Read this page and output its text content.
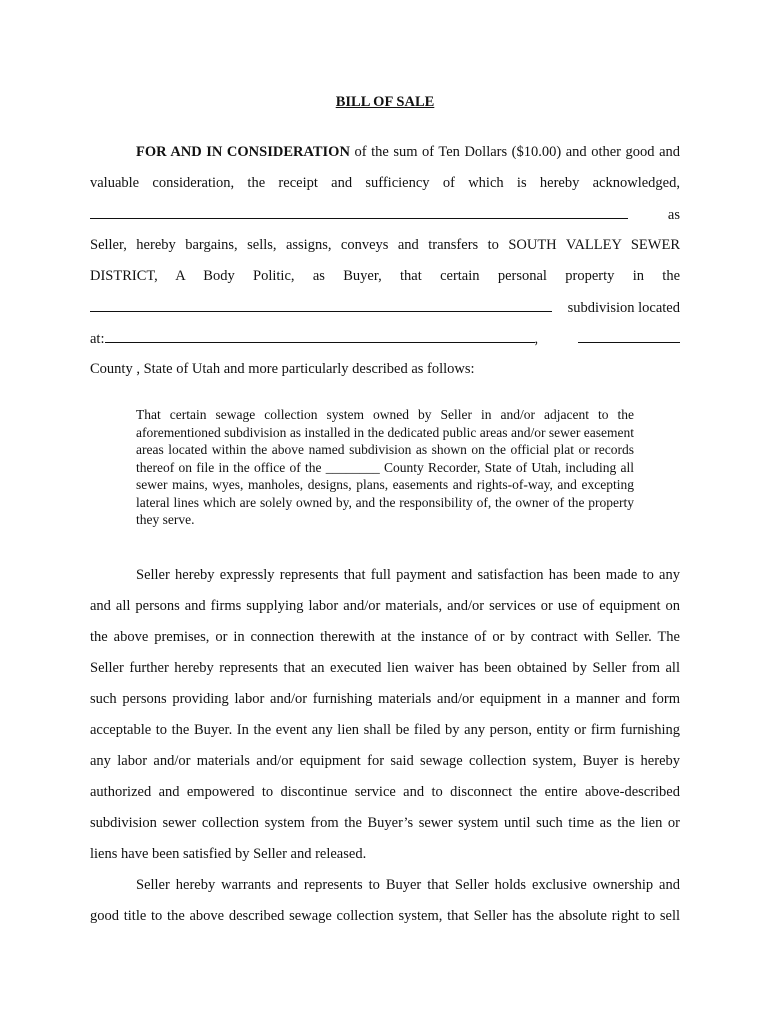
BILL OF SALE
FOR AND IN CONSIDERATION of the sum of Ten Dollars ($10.00) and other good and
valuable consideration, the receipt and sufficiency of which is hereby acknowledged,
as
Seller, hereby bargains, sells, assigns, conveys and transfers to SOUTH VALLEY SEWER
DISTRICT, A Body Politic, as Buyer, that certain personal property in the
subdivision located
at:	,
County , State of Utah and more particularly described as follows:
That certain sewage collection system owned by Seller in and/or adjacent to the aforementioned subdivision as installed in the dedicated public areas and/or sewer easement areas located within the above named subdivision as shown on the official plat or records thereof on file in the office of the ________ County Recorder, State of Utah, including all sewer mains, wyes, manholes, designs, plans, easements and rights-of-way, and excepting lateral lines which are solely owned by, and the responsibility of, the owner of the property they serve.
Seller hereby expressly represents that full payment and satisfaction has been made to any
and all persons and firms supplying labor and/or materials, and/or services or use of equipment on
the above premises, or in connection therewith at the instance of or by contract with Seller. The
Seller further hereby represents that an executed lien waiver has been obtained by Seller from all
such persons providing labor and/or furnishing materials and/or equipment in a manner and form
acceptable to the Buyer. In the event any lien shall be filed by any person, entity or firm furnishing
any labor and/or materials and/or equipment for said sewage collection system, Buyer is hereby
authorized and empowered to discontinue service and to disconnect the entire above-described
subdivision sewer collection system from the Buyer’s sewer system until such time as the lien or
liens have been satisfied by Seller and released.
Seller hereby warrants and represents to Buyer that Seller holds exclusive ownership and
good title to the above described sewage collection system, that Seller has the absolute right to sell
